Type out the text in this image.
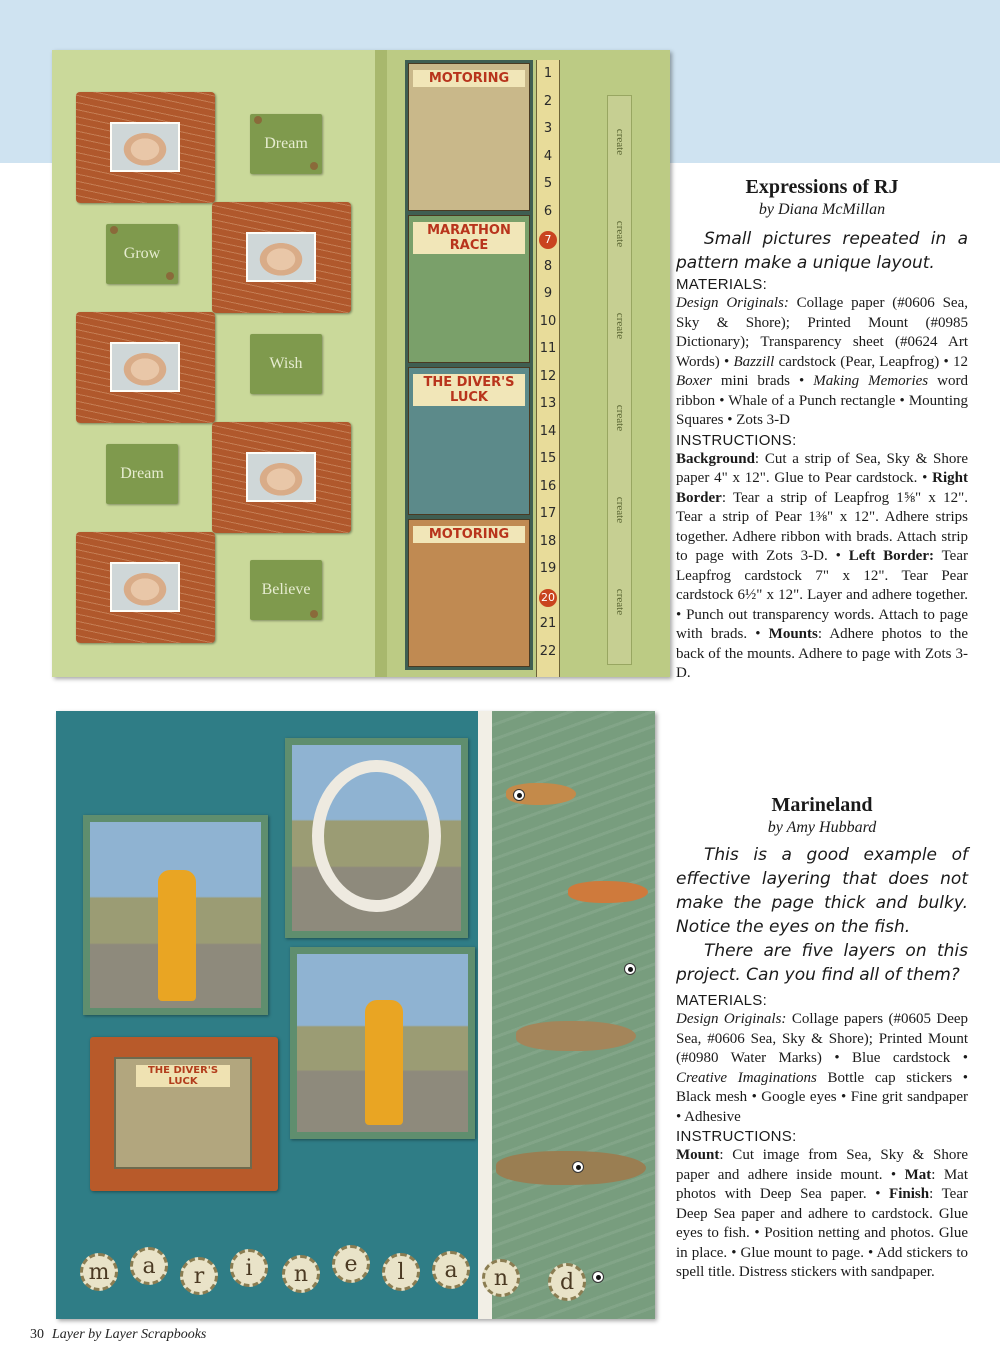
Dream
Grow
Wish
Dream
Believe
MOTORING
MARATHON RACE
THE DIVER'S LUCK
MOTORING
1
2
3
4
5
6
7
8
9
10
11
12
13
14
15
16
17
18
19
20
21
22
create
create
create
create
create
create
THE DIVER'S LUCK
m	a	r	i	n	e	l	a	n	d
Expressions of RJ
by Diana McMillan

Small pictures repeated in a pattern make a unique layout.

MATERIALS:

Design Originals: Collage paper (#0606 Sea, Sky & Shore); Printed Mount (#0985 Dictionary); Transparency sheet (#0624 Art Words) • Bazzill cardstock (Pear, Leapfrog) • 12 Boxer mini brads • Making Memories word ribbon • Whale of a Punch rectangle • Mounting Squares • Zots 3-D

INSTRUCTIONS:

Background: Cut a strip of Sea, Sky & Shore paper 4" x 12". Glue to Pear cardstock. • Right Border: Tear a strip of Leapfrog 1⅝" x 12". Tear a strip of Pear 1⅜" x 12". Adhere strips together. Adhere ribbon with brads. Attach strip to page with Zots 3-D. • Left Border: Tear Leapfrog cardstock 7" x 12". Tear Pear cardstock 6½" x 12". Layer and adhere together. • Punch out transparency words. Attach to page with brads. • Mounts: Adhere photos to the back of the mounts. Adhere to page with Zots 3-D.

Marineland
by Amy Hubbard

This is a good example of effective layering that does not make the page thick and bulky. Notice the eyes on the fish.

There are five layers on this project. Can you find all of them?

MATERIALS:

Design Originals: Collage papers (#0605 Deep Sea, #0606 Sea, Sky & Shore); Printed Mount (#0980 Water Marks) • Blue cardstock • Creative Imaginations Bottle cap stickers • Black mesh • Google eyes • Fine grit sandpaper • Adhesive

INSTRUCTIONS:

Mount: Cut image from Sea, Sky & Shore paper and adhere inside mount. • Mat: Mat photos with Deep Sea paper. • Finish: Tear Deep Sea paper and adhere to cardstock. Glue eyes to fish. • Position netting and photos. Glue in place. • Glue mount to page. • Add stickers to spell title. Distress stickers with sandpaper.

30 Layer by Layer Scrapbooks
